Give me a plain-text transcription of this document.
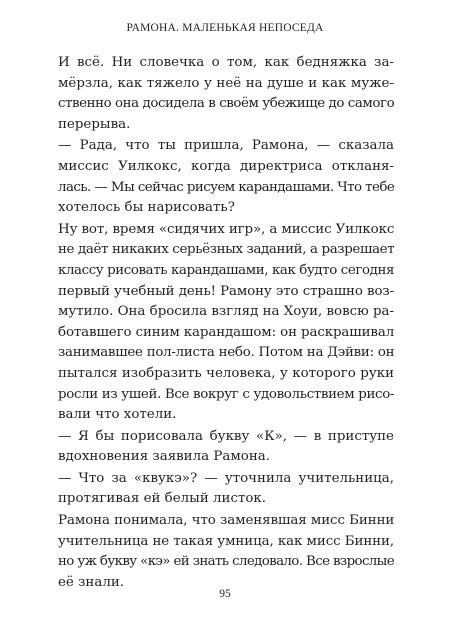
РАМОНА. МАЛЕНЬКАЯ НЕПОСЕДА

И всё. Ни словечка о том, как бедняжка за-
мёрзла, как тяжело у неё на душе и как муже-
ственно она досидела в своём убежище до самого
перерыва.

— Рада, что ты пришла, Рамона, — сказала
миссис Уилкокс, когда директриса откланя-
лась. — Мы сейчас рисуем карандашами. Что тебе
хотелось бы нарисовать?

Ну вот, время «сидячих игр», а миссис Уилкокс
не даёт никаких серьёзных заданий, а разрешает
классу рисовать карандашами, как будто сегодня
первый учебный день! Рамону это страшно воз-
мутило. Она бросила взгляд на Хоуи, вовсю ра-
ботавшего синим карандашом: он раскрашивал
занимавшее пол-листа небо. Потом на Дэйви: он
пытался изобразить человека, у которого руки
росли из ушей. Все вокруг с удовольствием рисо-
вали что хотели.

— Я бы порисовала букву «К», — в приступе
вдохновения заявила Рамона.

— Что за «квукэ»? — уточнила учительница,
протягивая ей белый листок.

Рамона понимала, что заменявшая мисс Бинни
учительница не такая умница, как мисс Бинни,
но уж букву «кэ» ей знать следовало. Все взрослые
её знали.

95
